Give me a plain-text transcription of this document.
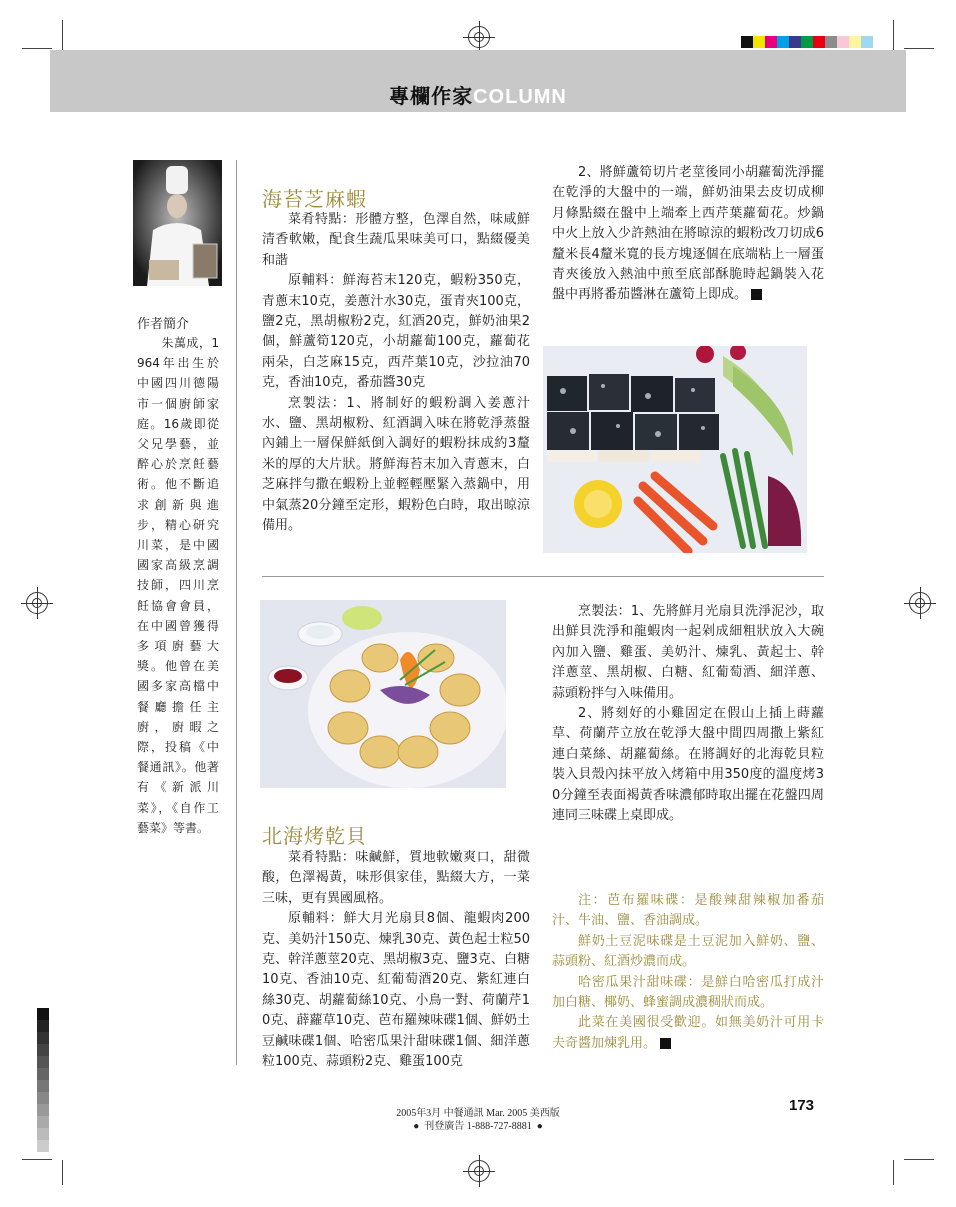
專欄作家COLUMN
作者簡介
朱萬成，1964年出生於中國四川德陽市一個廚師家庭。16歲即從父兄學藝，並醉心於烹飪藝術。他不斷追求創新與進步，精心研究川菜，是中國國家高級烹調技師，四川烹飪協會會員，在中國曾獲得多項廚藝大獎。他曾在美國多家高檔中餐廳擔任主廚，廚暇之際，投稿《中餐通訊》。他著有《新派川菜》，《自作工藝菜》等書。
海苔芝麻蝦

菜肴特點：形體方整，色澤自然，味咸鮮清香軟嫩，配食生蔬瓜果味美可口，點綴優美和諧

原輔料：鮮海苔末120克，蝦粉350克，青蔥末10克，姜蔥汁水30克，蛋青夾100克，鹽2克，黑胡椒粉2克，紅酒20克，鮮奶油果2個，鮮蘆筍120克，小胡蘿蔔100克，蘿蔔花兩朵，白芝麻15克，西芹葉10克，沙拉油70克，香油10克，番茄醬30克

烹製法：1、將制好的蝦粉調入姜蔥汁水、鹽、黑胡椒粉、紅酒調入味在將乾淨蒸盤內鋪上一層保鮮紙倒入調好的蝦粉抹成約3釐米的厚的大片狀。將鮮海苔末加入青蔥末，白芝麻拌勻撒在蝦粉上並輕輕壓緊入蒸鍋中，用中氣蒸20分鐘至定形，蝦粉色白時，取出晾涼備用。

2、將鮮蘆筍切片老莖後同小胡蘿蔔洗淨擺在乾淨的大盤中的一端，鮮奶油果去皮切成柳月條點綴在盤中上端牽上西芹葉蘿蔔花。炒鍋中火上放入少許熱油在將晾涼的蝦粉改刀切成6釐米長4釐米寬的長方塊逐個在底端粘上一層蛋青夾後放入熱油中煎至底部酥脆時起鍋裝入花盤中再將番茄醬淋在蘆筍上即成。

北海烤乾貝

菜肴特點：味鹹鮮，質地軟嫩爽口，甜微酸，色澤褐黃，味形俱家佳，點綴大方，一菜三味，更有異國風格。

原輔料：鮮大月光扇貝8個、龍蝦肉200克、美奶汁150克、煉乳30克、黃色起士粒50克、幹洋蔥莖20克、黑胡椒3克、鹽3克、白糖10克、香油10克、紅葡萄酒20克、紫紅連白絲30克、胡蘿蔔絲10克、小鳥一對、荷蘭芹10克、薜蘿草10克、芭布羅辣味碟1個、鮮奶土豆鹹味碟1個、哈密瓜果汁甜味碟1個、細洋蔥粒100克、蒜頭粉2克、雞蛋100克

烹製法：1、先將鮮月光扇貝洗淨泥沙，取出鮮貝洗淨和龍蝦肉一起剁成細粗狀放入大碗內加入鹽、雞蛋、美奶汁、煉乳、黃起士、幹洋蔥莖、黑胡椒、白糖、紅葡萄酒、細洋蔥、蒜頭粉拌勻入味備用。

2、將刻好的小雞固定在假山上插上蒔蘿草、荷蘭芹立放在乾淨大盤中間四周撒上紫紅連白菜絲、胡蘿蔔絲。在將調好的北海乾貝粒裝入貝殼內抹平放入烤箱中用350度的溫度烤30分鐘至表面褐黃香味濃郁時取出擺在花盤四周連同三味碟上桌即成。

注：芭布羅味碟：是酸辣甜辣椒加番茄汁、牛油、鹽、香油調成。

鮮奶土豆泥味碟是土豆泥加入鮮奶、鹽、蒜頭粉、紅酒炒濃而成。

哈密瓜果汁甜味碟：是鮮白哈密瓜打成汁加白糖、椰奶、蜂蜜調成濃稠狀而成。

此菜在美國很受歡迎。如無美奶汁可用卡夫奇醬加煉乳用。

2005年3月 中餐通訊 Mar. 2005 美西版
● 刊登廣告 1-888-727-8881 ●
173
